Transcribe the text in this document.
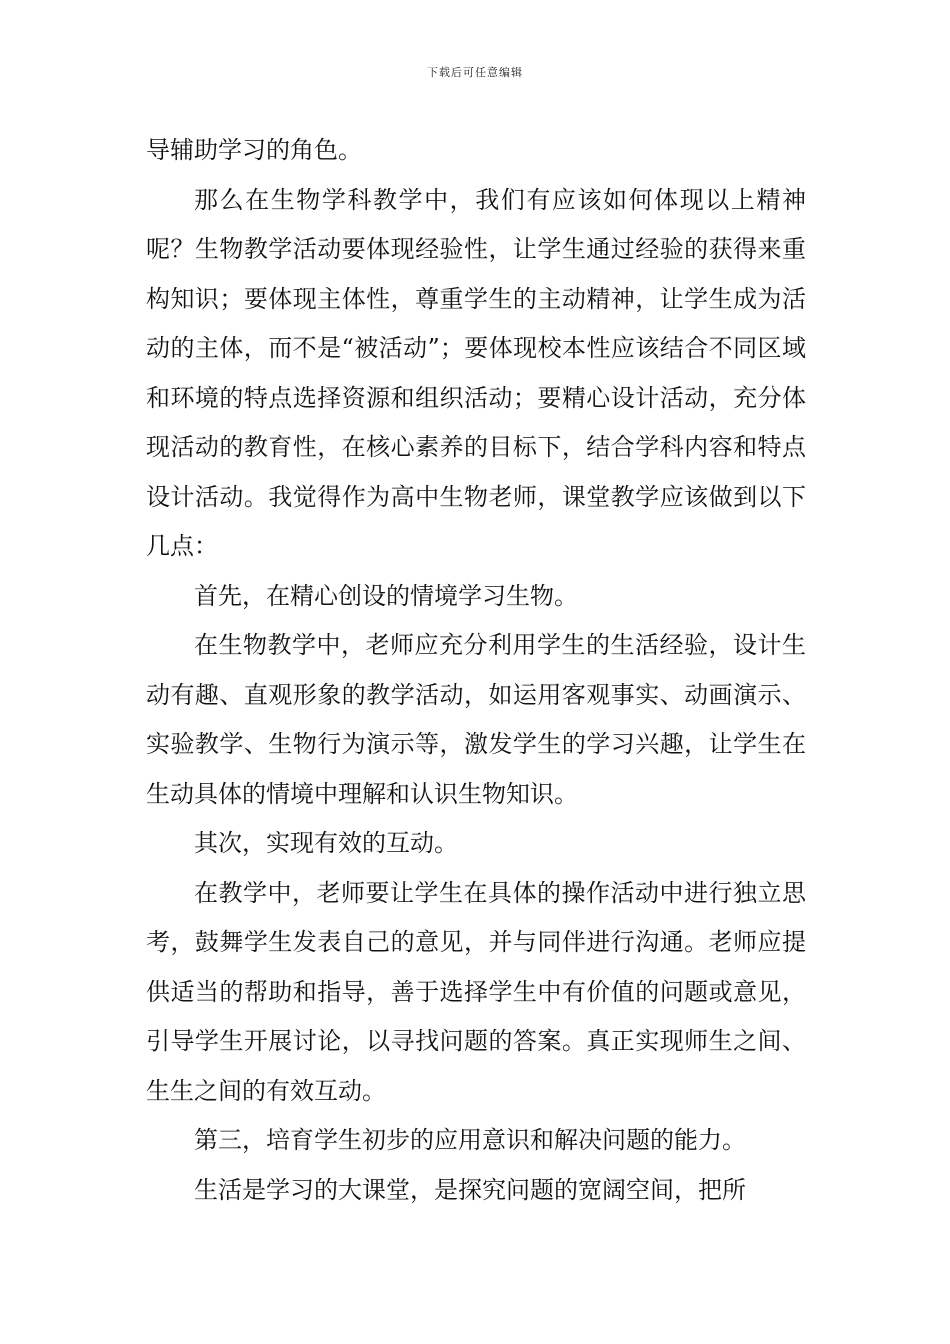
下载后可任意编辑

导辅助学习的角色。

那么在生物学科教学中，我们有应该如何体现以上精神呢？生物教学活动要体现经验性，让学生通过经验的获得来重构知识；要体现主体性，尊重学生的主动精神，让学生成为活动的主体，而不是“被活动”；要体现校本性应该结合不同区域和环境的特点选择资源和组织活动；要精心设计活动，充分体现活动的教育性，在核心素养的目标下，结合学科内容和特点设计活动。我觉得作为高中生物老师，课堂教学应该做到以下几点：

首先，在精心创设的情境学习生物。

在生物教学中，老师应充分利用学生的生活经验，设计生动有趣、直观形象的教学活动，如运用客观事实、动画演示、实验教学、生物行为演示等，激发学生的学习兴趣，让学生在生动具体的情境中理解和认识生物知识。

其次，实现有效的互动。

在教学中，老师要让学生在具体的操作活动中进行独立思考，鼓舞学生发表自己的意见，并与同伴进行沟通。老师应提供适当的帮助和指导，善于选择学生中有价值的问题或意见，引导学生开展讨论，以寻找问题的答案。真正实现师生之间、生生之间的有效互动。

第三，培育学生初步的应用意识和解决问题的能力。

生活是学习的大课堂，是探究问题的宽阔空间，把所
